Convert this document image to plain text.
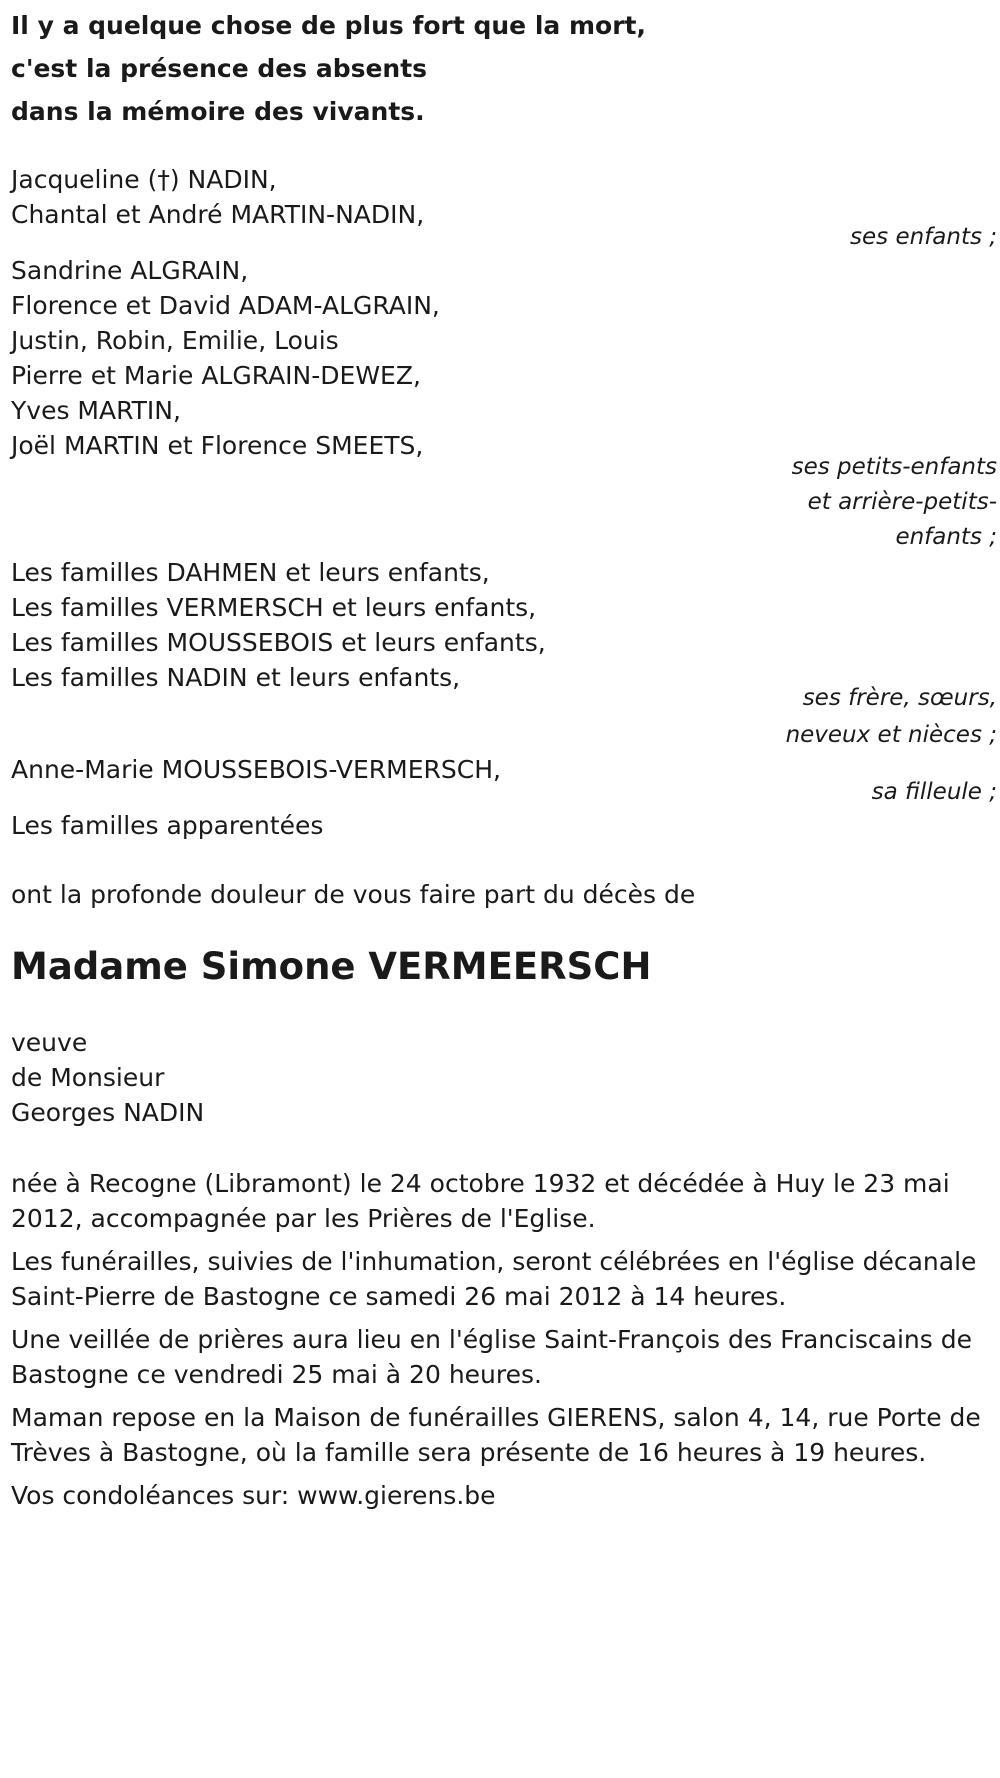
Il y a quelque chose de plus fort que la mort,

c'est la présence des absents

dans la mémoire des vivants.

Jacqueline (†) NADIN,

Chantal et André MARTIN-NADIN,

ses enfants ;

Sandrine ALGRAIN,

Florence et David ADAM-ALGRAIN,

Justin, Robin, Emilie, Louis

Pierre et Marie ALGRAIN-DEWEZ,

Yves MARTIN,

Joël MARTIN et Florence SMEETS,

ses petits-enfants
et arrière-petits-
enfants ;

Les familles DAHMEN et leurs enfants,

Les familles VERMERSCH et leurs enfants,

Les familles MOUSSEBOIS et leurs enfants,

Les familles NADIN et leurs enfants,

ses frère, sœurs,
neveux et nièces ;

Anne-Marie MOUSSEBOIS-VERMERSCH,

sa filleule ;

Les familles apparentées

ont la profonde douleur de vous faire part du décès de
Madame Simone VERMEERSCH

veuve

de Monsieur

Georges NADIN

née à Recogne (Libramont) le 24 octobre 1932 et décédée à Huy le 23 mai 2012, accompagnée par les Prières de l'Eglise.

Les funérailles, suivies de l'inhumation, seront célébrées en l'église décanale Saint-Pierre de Bastogne ce samedi 26 mai 2012 à 14 heures.

Une veillée de prières aura lieu en l'église Saint-François des Franciscains de Bastogne ce vendredi 25 mai à 20 heures.

Maman repose en la Maison de funérailles GIERENS, salon 4, 14, rue Porte de Trèves à Bastogne, où la famille sera présente de 16 heures à 19 heures.

Vos condoléances sur: www.gierens.be
